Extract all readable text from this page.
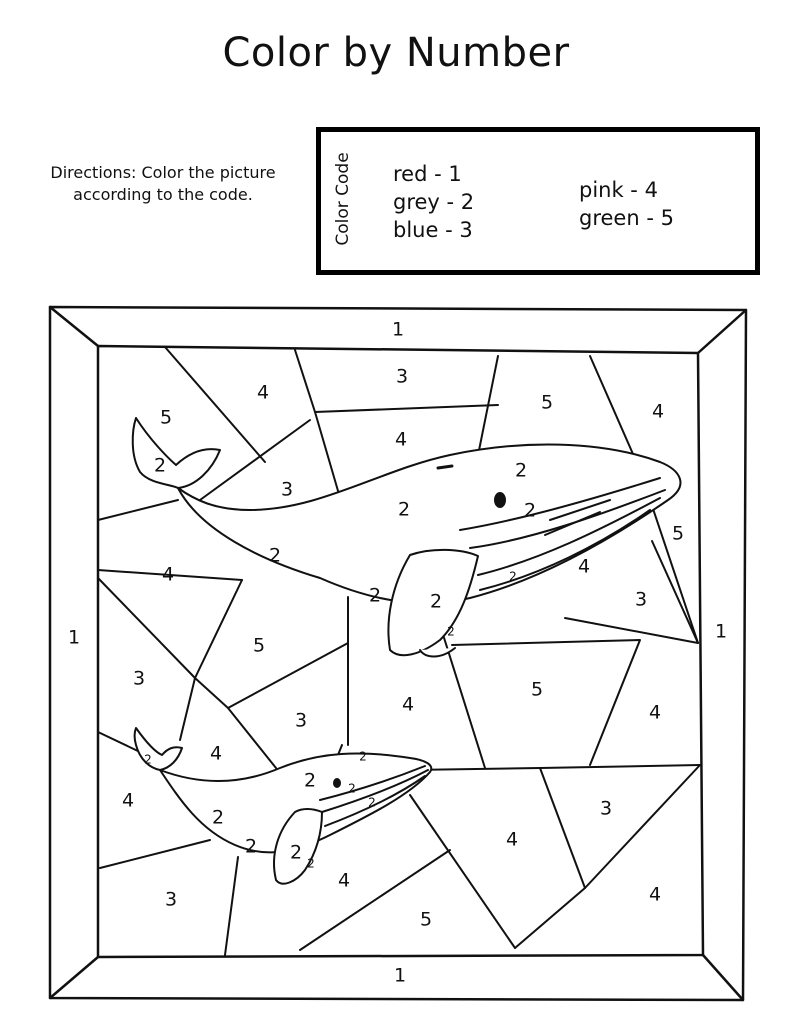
Color by Number
Directions: Color the picture according to the code.	Color Code red - 1
grey - 2
blue - 3
pink - 4
green - 5
1
1	1
1
5
4
3
5	4
2
4
3
2
2	2
4
2
2
5
2	3
2
5
4
3	5
4
3	4
4
2
2	2
2	2
2
2
2
4
4
2 2
4
3
4
3
5
